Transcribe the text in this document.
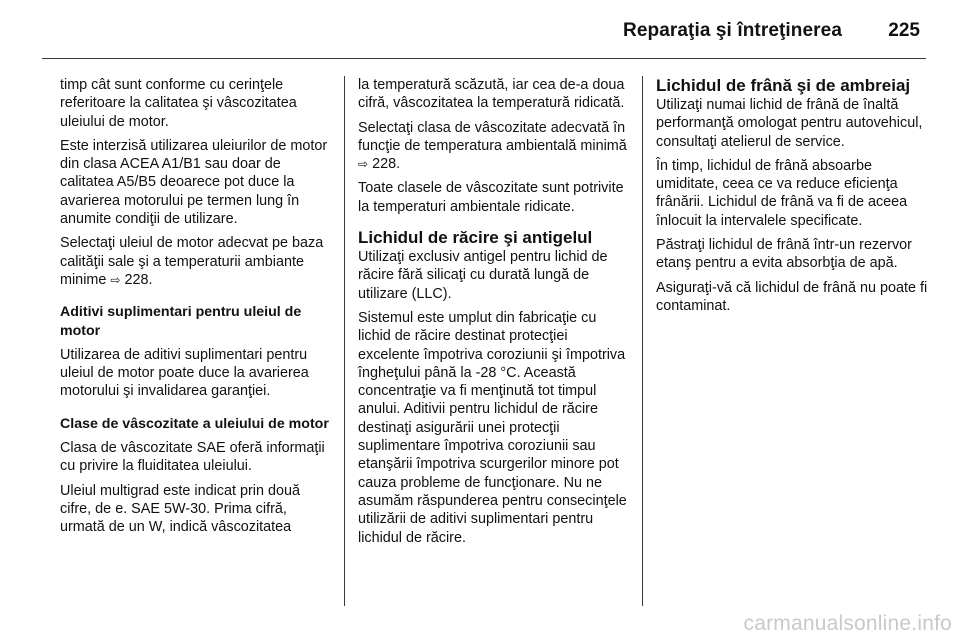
Reparaţia şi întreţinerea 225

timp cât sunt conforme cu cerinţele referitoare la calitatea şi vâscozitatea uleiului de motor.

Este interzisă utilizarea uleiurilor de motor din clasa ACEA A1/B1 sau doar de calitatea A5/B5 deoarece pot duce la avarierea motorului pe termen lung în anumite condiţii de utilizare.

Selectaţi uleiul de motor adecvat pe baza calităţii sale şi a temperaturii ambiante minime ⇨ 228.

Aditivi suplimentari pentru uleiul de motor

Utilizarea de aditivi suplimentari pentru uleiul de motor poate duce la avarierea motorului şi invalidarea garanţiei.

Clase de vâscozitate a uleiului de motor

Clasa de vâscozitate SAE oferă informaţii cu privire la fluiditatea uleiului.

Uleiul multigrad este indicat prin două cifre, de e. SAE 5W-30. Prima cifră, urmată de un W, indică vâscozitatea

la temperatură scăzută, iar cea de-a doua cifră, vâscozitatea la temperatură ridicată.

Selectaţi clasa de vâscozitate adecvată în funcţie de temperatura ambientală minimă ⇨ 228.

Toate clasele de vâscozitate sunt potrivite la temperaturi ambientale ridicate.

Lichidul de răcire şi antigelul

Utilizaţi exclusiv antigel pentru lichid de răcire fără silicaţi cu durată lungă de utilizare (LLC).

Sistemul este umplut din fabricaţie cu lichid de răcire destinat protecţiei excelente împotriva coroziunii şi împotriva îngheţului până la -28 °C. Această concentraţie va fi menţinută tot timpul anului. Aditivii pentru lichidul de răcire destinaţi asigurării unei protecţii suplimentare împotriva coroziunii sau etanşării împotriva scurgerilor minore pot cauza probleme de funcţionare. Nu ne asumăm răspunderea pentru consecinţele utilizării de aditivi suplimentari pentru lichidul de răcire.

Lichidul de frână şi de ambreiaj

Utilizaţi numai lichid de frână de înaltă performanţă omologat pentru autovehicul, consultaţi atelierul de service.

În timp, lichidul de frână absoarbe umiditate, ceea ce va reduce eficienţa frânării. Lichidul de frână va fi de aceea înlocuit la intervalele specificate.

Păstraţi lichidul de frână într-un rezervor etanş pentru a evita absorbţia de apă.

Asiguraţi-vă că lichidul de frână nu poate fi contaminat.

carmanualsonline.info
